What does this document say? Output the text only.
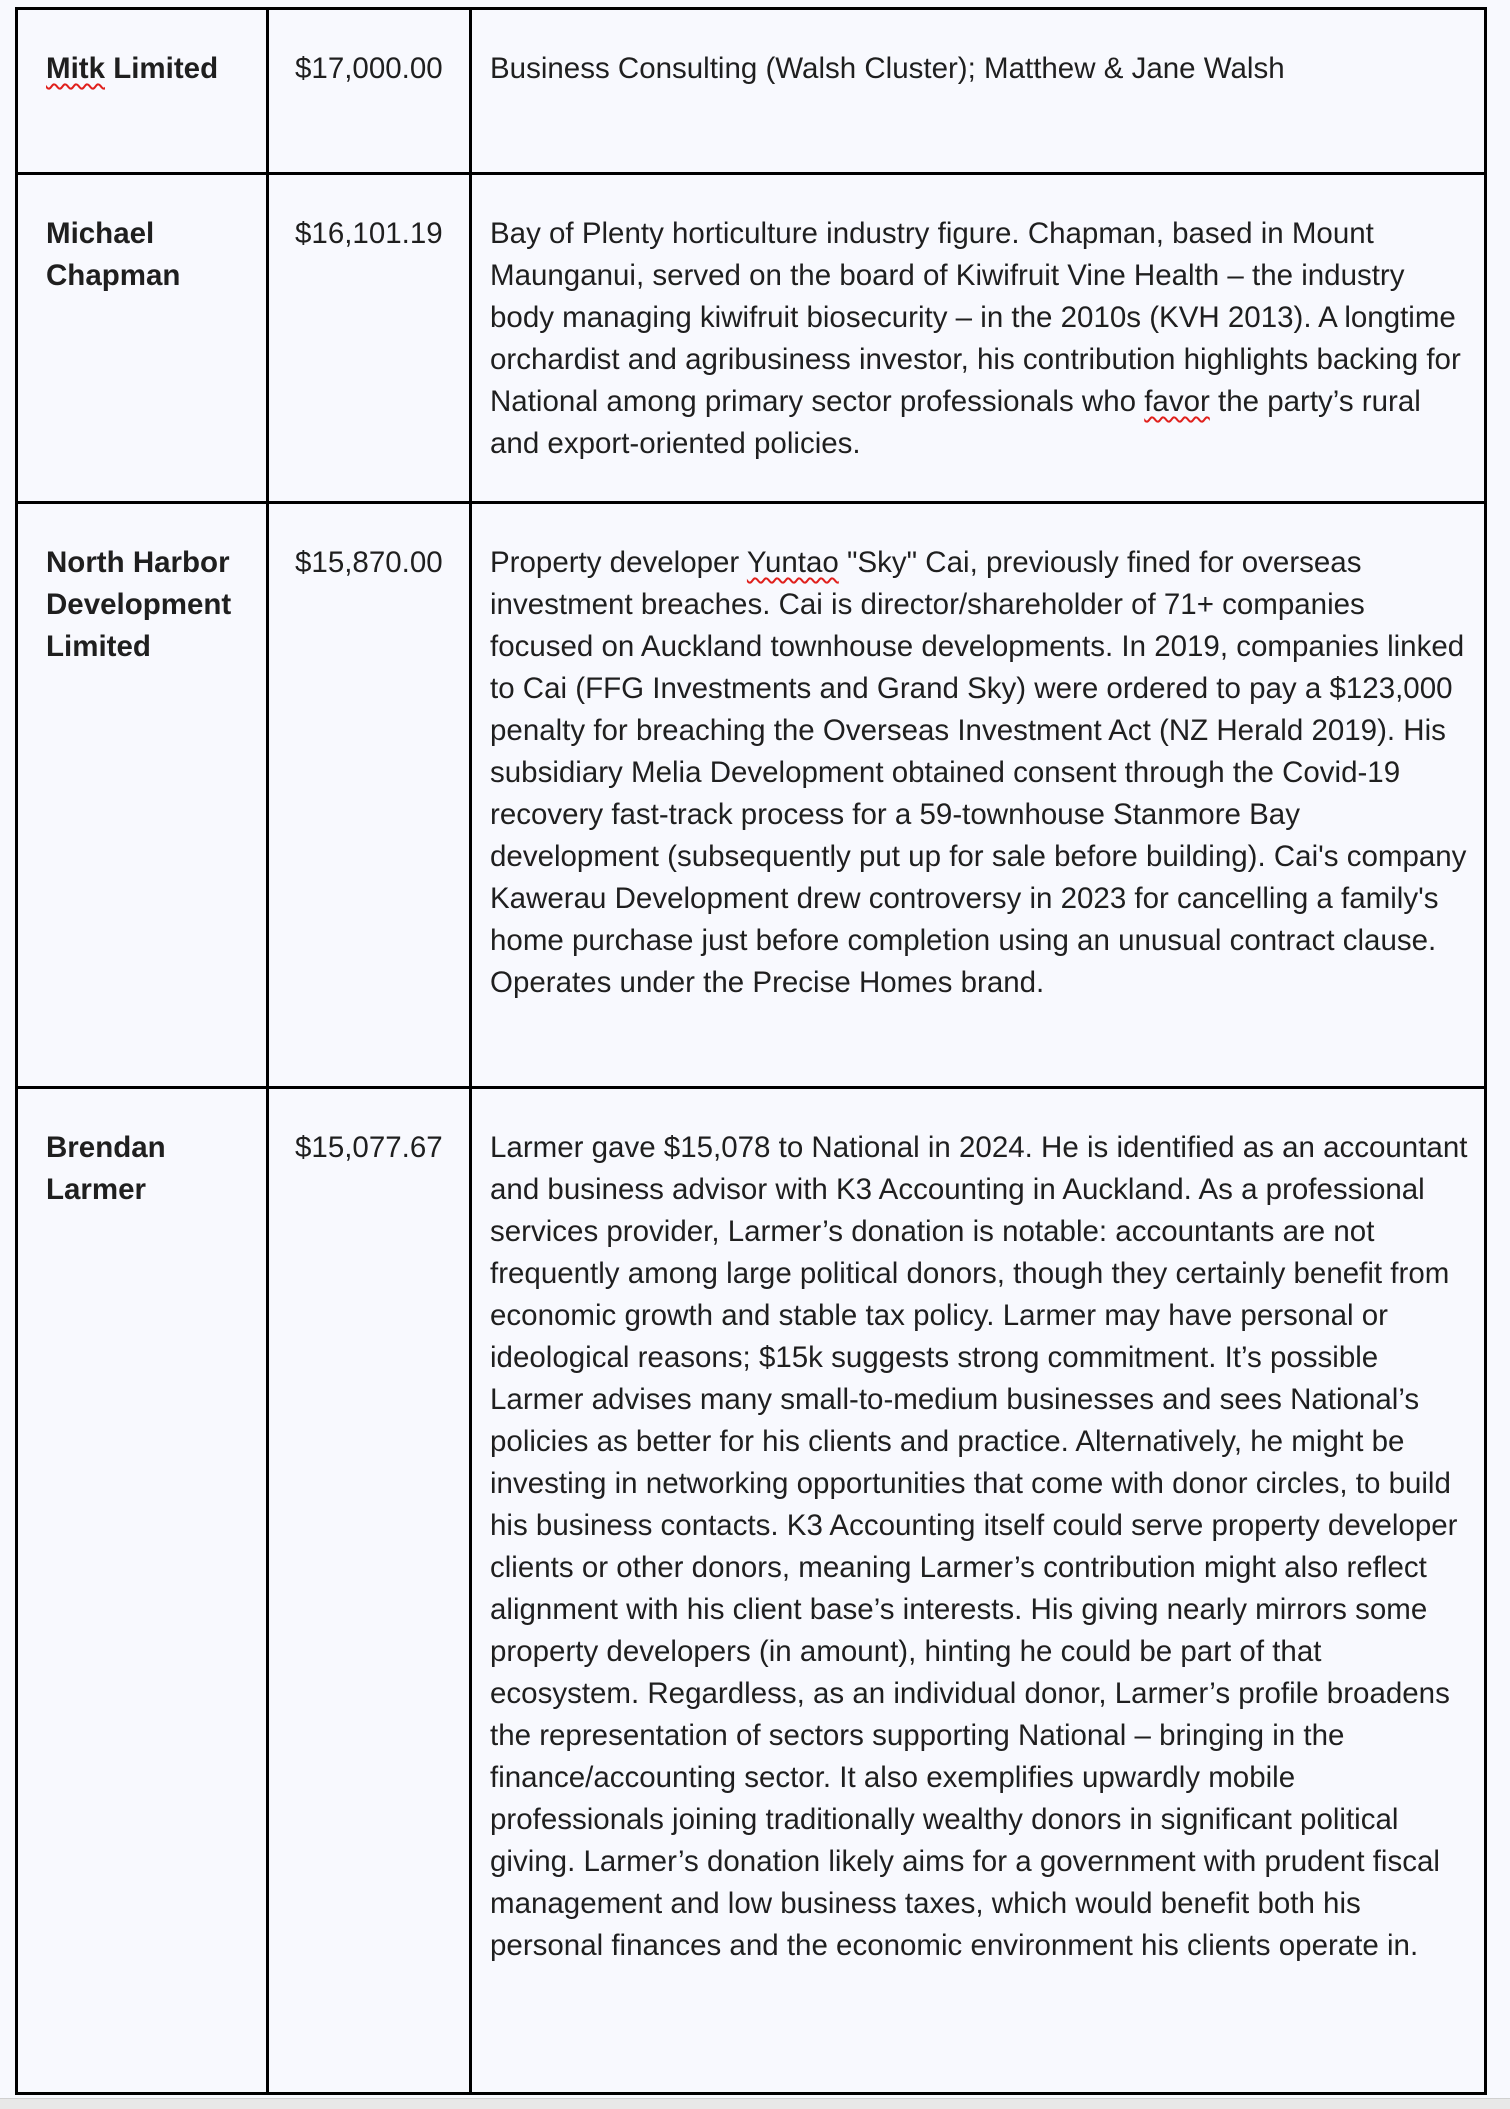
Mitk Limited	$17,000.00	Business Consulting (Walsh Cluster); Matthew & Jane Walsh
Michael Chapman	$16,101.19	Bay of Plenty horticulture industry figure. Chapman, based in Mount Maunganui, served on the board of Kiwifruit Vine Health – the industry body managing kiwifruit biosecurity – in the 2010s (KVH 2013). A longtime orchardist and agribusiness investor, his contribution highlights backing for National among primary sector professionals who favor the party’s rural and export-oriented policies.
North Harbor Development Limited	$15,870.00	Property developer Yuntao "Sky" Cai, previously fined for overseas investment breaches. Cai is director/shareholder of 71+ companies focused on Auckland townhouse developments. In 2019, companies linked to Cai (FFG Investments and Grand Sky) were ordered to pay a $123,000 penalty for breaching the Overseas Investment Act (NZ Herald 2019). His subsidiary Melia Development obtained consent through the Covid-19 recovery fast-track process for a 59-townhouse Stanmore Bay development (subsequently put up for sale before building). Cai's company Kawerau Development drew controversy in 2023 for cancelling a family's home purchase just before completion using an unusual contract clause. Operates under the Precise Homes brand.
Brendan Larmer	$15,077.67	Larmer gave $15,078 to National in 2024. He is identified as an accountant and business advisor with K3 Accounting in Auckland. As a professional services provider, Larmer’s donation is notable: accountants are not frequently among large political donors, though they certainly benefit from economic growth and stable tax policy. Larmer may have personal or ideological reasons; $15k suggests strong commitment. It’s possible Larmer advises many small-to-medium businesses and sees National’s policies as better for his clients and practice. Alternatively, he might be investing in networking opportunities that come with donor circles, to build his business contacts. K3 Accounting itself could serve property developer clients or other donors, meaning Larmer’s contribution might also reflect alignment with his client base’s interests. His giving nearly mirrors some property developers (in amount), hinting he could be part of that ecosystem. Regardless, as an individual donor, Larmer’s profile broadens the representation of sectors supporting National – bringing in the finance/accounting sector. It also exemplifies upwardly mobile professionals joining traditionally wealthy donors in significant political giving. Larmer’s donation likely aims for a government with prudent fiscal management and low business taxes, which would benefit both his personal finances and the economic environment his clients operate in.
